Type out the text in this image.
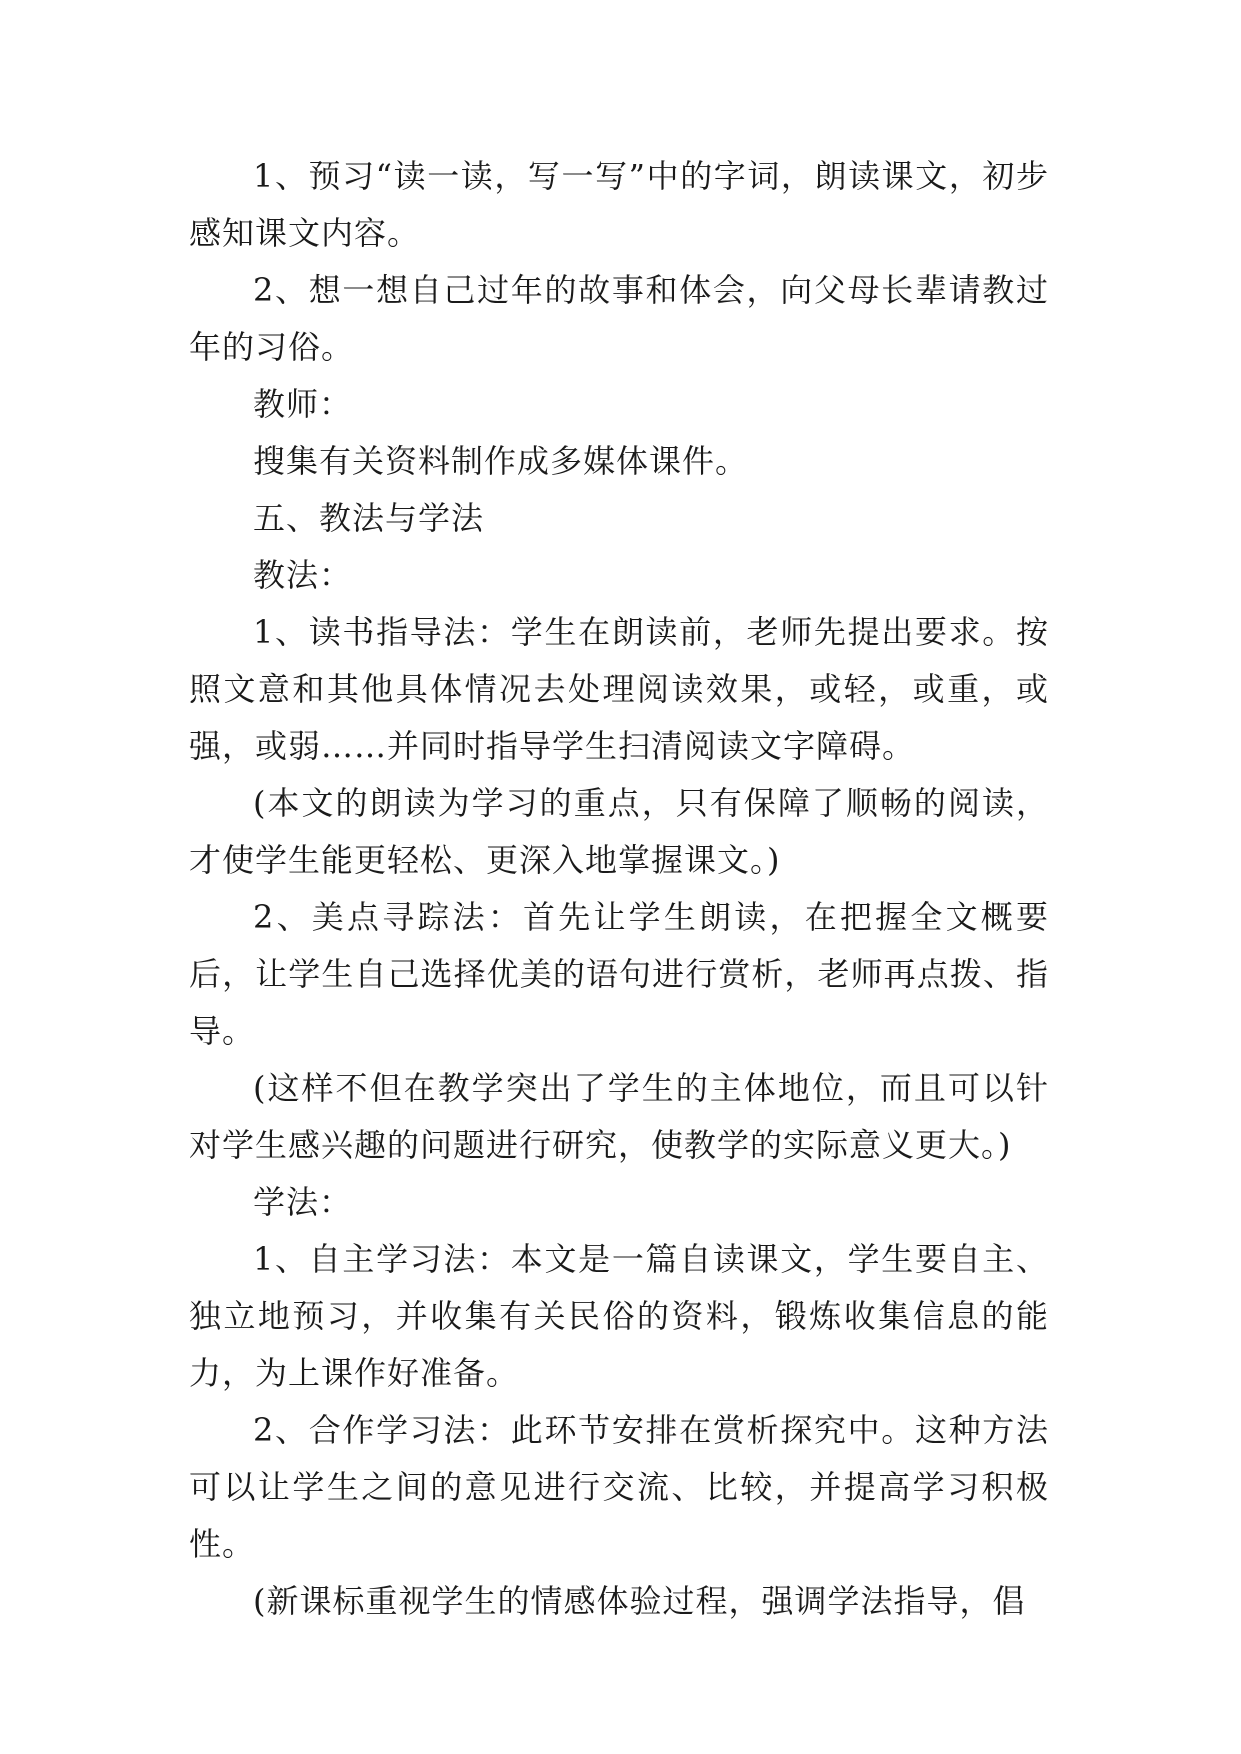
1、预习“读一读，写一写”中的字词，朗读课文，初步感知课文内容。

2、想一想自己过年的故事和体会，向父母长辈请教过年的习俗。

教师：

搜集有关资料制作成多媒体课件。

五、教法与学法

教法：

1、读书指导法：学生在朗读前，老师先提出要求。按照文意和其他具体情况去处理阅读效果，或轻，或重，或强，或弱……并同时指导学生扫清阅读文字障碍。

(本文的朗读为学习的重点，只有保障了顺畅的阅读，才使学生能更轻松、更深入地掌握课文。)

2、美点寻踪法：首先让学生朗读，在把握全文概要后，让学生自己选择优美的语句进行赏析，老师再点拨、指导。

(这样不但在教学突出了学生的主体地位，而且可以针对学生感兴趣的问题进行研究，使教学的实际意义更大。)

学法：

1、自主学习法：本文是一篇自读课文，学生要自主、独立地预习，并收集有关民俗的资料，锻炼收集信息的能力，为上课作好准备。

2、合作学习法：此环节安排在赏析探究中。这种方法可以让学生之间的意见进行交流、比较，并提高学习积极性。

(新课标重视学生的情感体验过程，强调学法指导，倡
